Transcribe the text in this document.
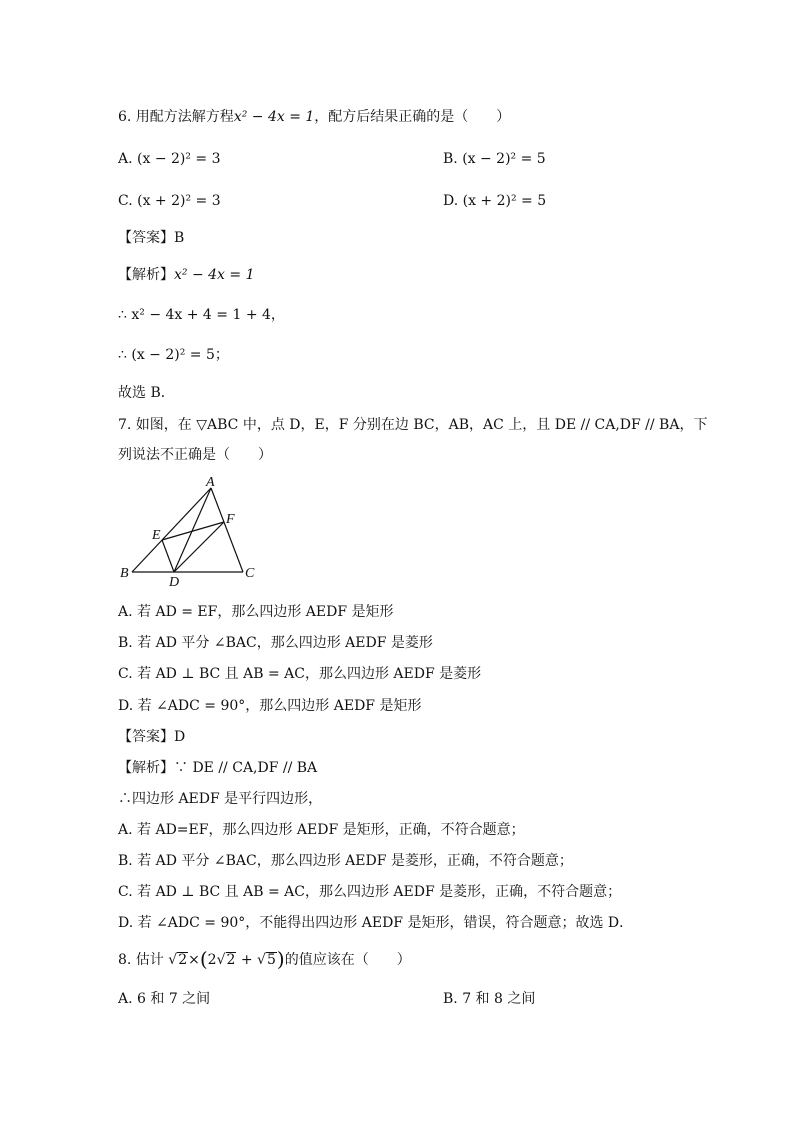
6. 用配方法解方程x² − 4x = 1，配方后结果正确的是（　　）
A. (x − 2)² = 3	B. (x − 2)² = 5
C. (x + 2)² = 3	D. (x + 2)² = 5
【答案】B
【解析】x² − 4x = 1
∴ x² − 4x + 4 = 1 + 4，
∴ (x − 2)² = 5；
故选 B．
7. 如图，在 ▽ABC 中，点 D，E，F 分别在边 BC，AB，AC 上，且 DE // CA,DF // BA，下
列说法不正确是（　　）
A
B	C
D
E
F
A. 若 AD = EF，那么四边形 AEDF 是矩形
B. 若 AD 平分 ∠BAC，那么四边形 AEDF 是菱形
C. 若 AD ⊥ BC 且 AB = AC，那么四边形 AEDF 是菱形
D. 若 ∠ADC = 90°，那么四边形 AEDF 是矩形
【答案】D
【解析】∵ DE // CA,DF // BA
∴四边形 AEDF 是平行四边形，
A. 若 AD=EF，那么四边形 AEDF 是矩形，正确，不符合题意；
B. 若 AD 平分 ∠BAC，那么四边形 AEDF 是菱形，正确，不符合题意；
C. 若 AD ⊥ BC 且 AB = AC，那么四边形 AEDF 是菱形，正确，不符合题意；
D. 若 ∠ADC = 90°，不能得出四边形 AEDF 是矩形，错误，符合题意；故选 D．
8. 估计 √2×(2√2 + √5)的值应该在（　　）
A. 6 和 7 之间	B. 7 和 8 之间
